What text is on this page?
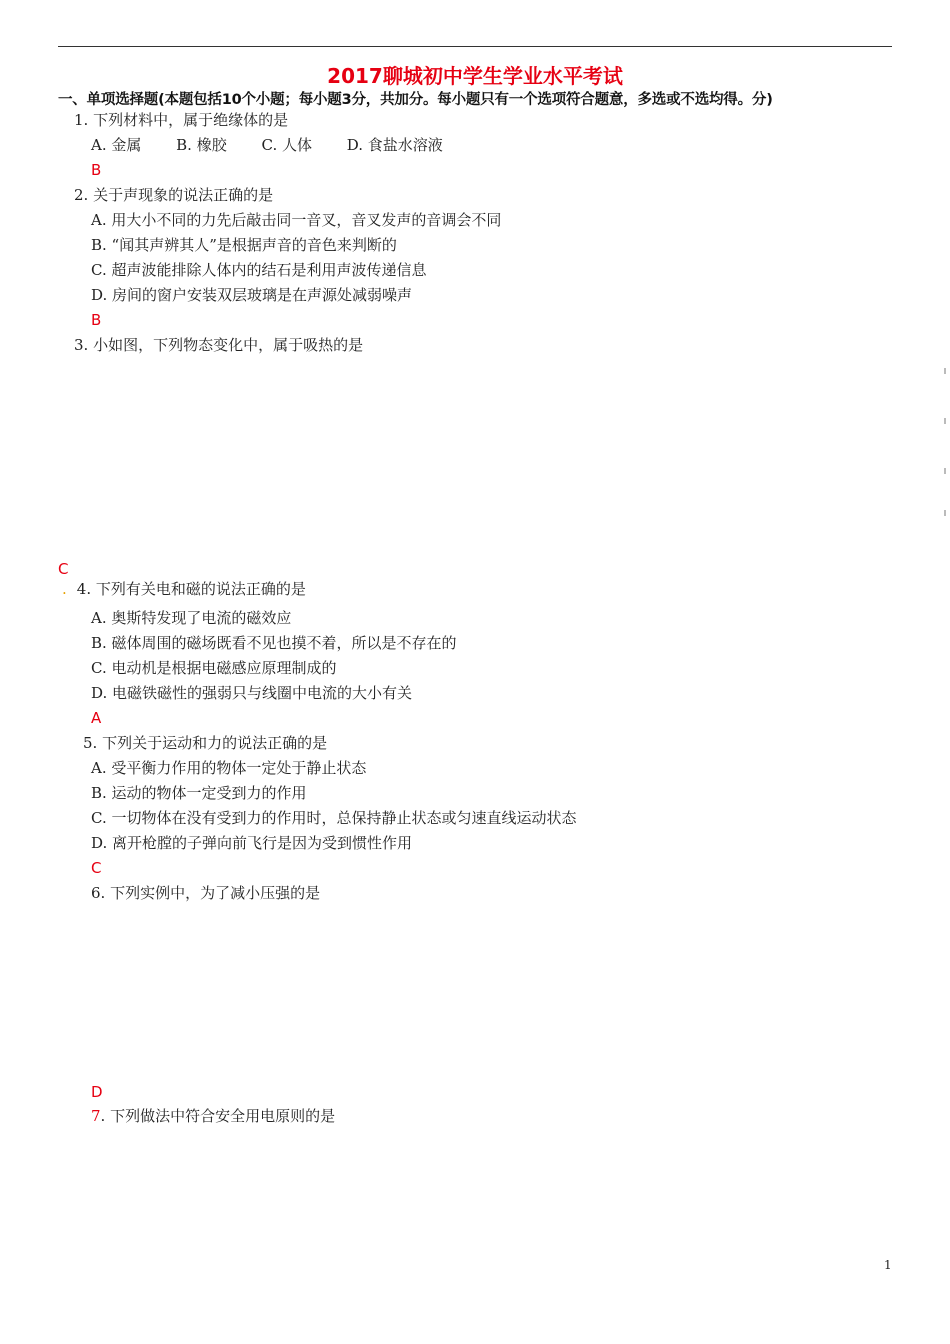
2017聊城初中学生学业水平考试
一、单项选择题(本题包括10个小题；每小题3分，共加分。每小题只有一个选项符合题意，多选或不选均得。分)
1. 下列材料中，属于绝缘体的是
A. 金属 B. 橡胶 C. 人体 D. 食盐水溶液
B
2. 关于声现象的说法正确的是
A. 用大小不同的力先后敲击同一音叉，音叉发声的音调会不同
B. “闻其声辨其人”是根据声音的音色来判断的
C. 超声波能排除人体内的结石是利用声波传递信息
D. 房间的窗户安装双层玻璃是在声源处减弱噪声
B
3. 小如图，下列物态变化中，属于吸热的是
C
. 4. 下列有关电和磁的说法正确的是
A. 奥斯特发现了电流的磁效应
B. 磁体周围的磁场既看不见也摸不着，所以是不存在的
C. 电动机是根据电磁感应原理制成的
D. 电磁铁磁性的强弱只与线圈中电流的大小有关
A
5. 下列关于运动和力的说法正确的是
A. 受平衡力作用的物体一定处于静止状态
B. 运动的物体一定受到力的作用
C. 一切物体在没有受到力的作用时，总保持静止状态或匀速直线运动状态
D. 离开枪膛的子弹向前飞行是因为受到惯性作用
C
6. 下列实例中，为了减小压强的是
D
7. 下列做法中符合安全用电原则的是
1
